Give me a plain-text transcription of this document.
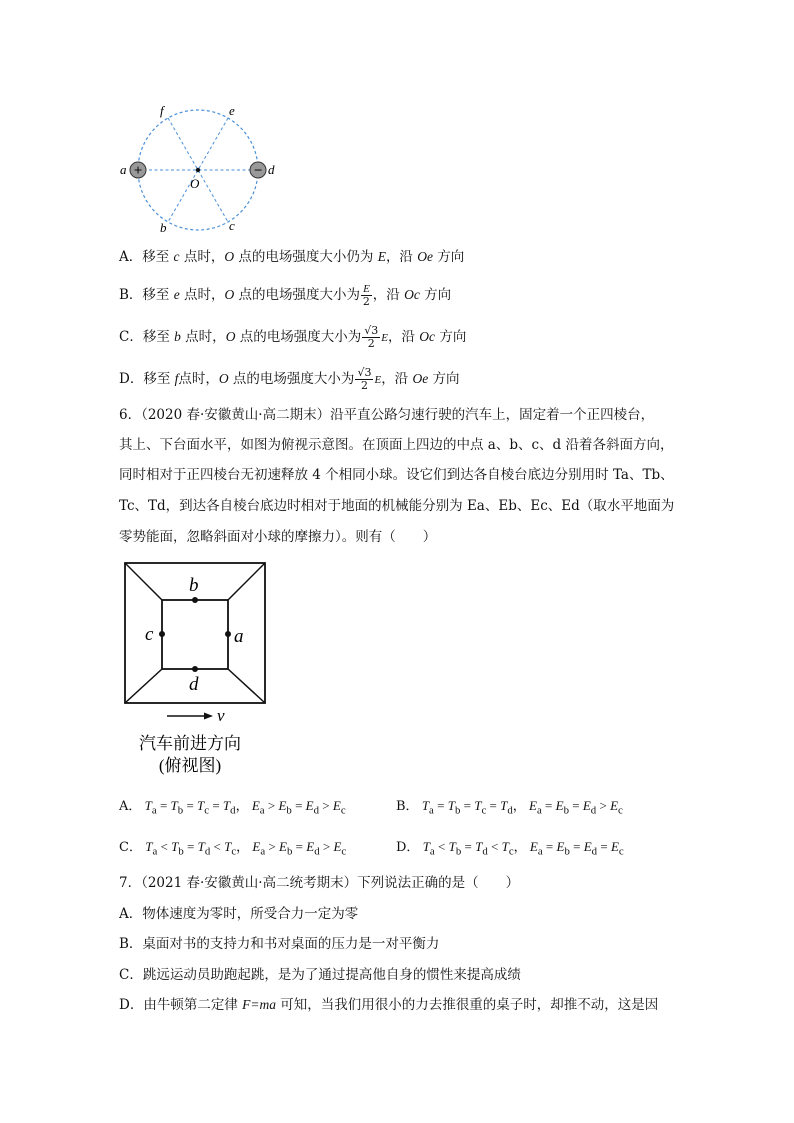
+	−
f	e
a	d
O
b	c
A．移至 c 点时，O 点的电场强度大小仍为 E，沿 Oe 方向
B．移至 e 点时，O 点的电场强度大小为 $\frac{E}{2}$ ，沿 Oc 方向
C．移至 b 点时，O 点的电场强度大小为 $\frac{√3}{2}$ E，沿 Oc 方向
D．移至 f点时，O 点的电场强度大小为 $\frac{√3}{2}$ E，沿 Oe 方向
6．（2020 春·安徽黄山·高二期末）沿平直公路匀速行驶的汽车上，固定着一个正四棱台，
其上、下台面水平，如图为俯视示意图。在顶面上四边的中点 a、b、c、d 沿着各斜面方向，
同时相对于正四棱台无初速释放 4 个相同小球。设它们到达各自棱台底边分别用时 Ta、Tb、
Tc、Td，到达各自棱台底边时相对于地面的机械能分别为 Ea、Eb、Ec、Ed（取水平地面为
零势能面，忽略斜面对小球的摩擦力）。则有（　　）
b
c	a
d
v
汽车前进方向
(俯视图)
A． $T_a = T_b = T_c = T_d$， $E_a > E_b = E_d > E_c$	B． $T_a = T_b = T_c = T_d$， $E_a = E_b = E_d > E_c$
C． $T_a < T_b = T_d < T_c$， $E_a > E_b = E_d > E_c$	D． $T_a < T_b = T_d < T_c$， $E_a = E_b = E_d = E_c$
7．（2021 春·安徽黄山·高二统考期末）下列说法正确的是（　　）
A．物体速度为零时，所受合力一定为零
B．桌面对书的支持力和书对桌面的压力是一对平衡力
C．跳远运动员助跑起跳，是为了通过提高他自身的惯性来提高成绩
D．由牛顿第二定律 F=ma 可知，当我们用很小的力去推很重的桌子时，却推不动，这是因
